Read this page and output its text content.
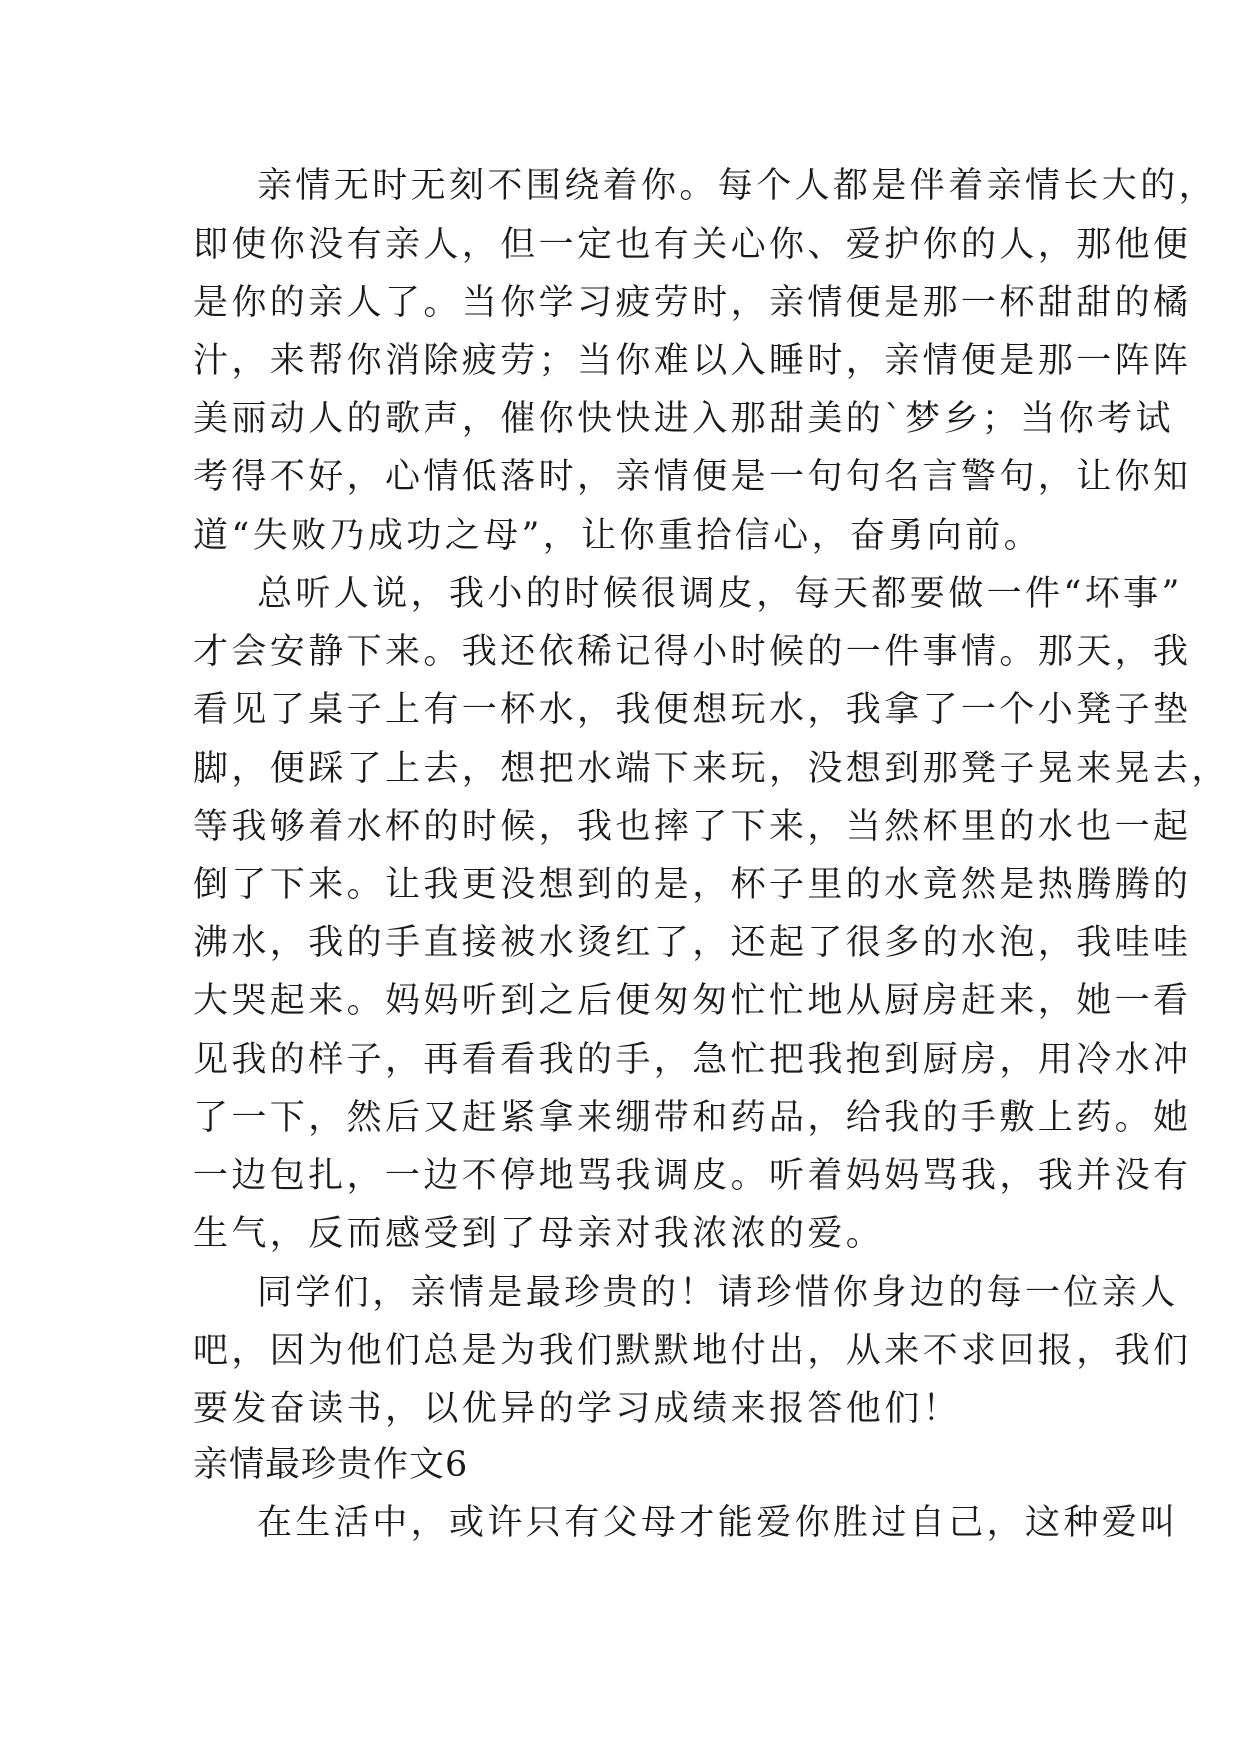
亲情无时无刻不围绕着你。每个人都是伴着亲情长大的，

即使你没有亲人，但一定也有关心你、爱护你的人，那他便

是你的亲人了。当你学习疲劳时，亲情便是那一杯甜甜的橘

汁，来帮你消除疲劳；当你难以入睡时，亲情便是那一阵阵

美丽动人的歌声，催你快快进入那甜美的`梦乡；当你考试

考得不好，心情低落时，亲情便是一句句名言警句，让你知

道“失败乃成功之母”，让你重拾信心，奋勇向前。

总听人说，我小的时候很调皮，每天都要做一件“坏事”

才会安静下来。我还依稀记得小时候的一件事情。那天，我

看见了桌子上有一杯水，我便想玩水，我拿了一个小凳子垫

脚，便踩了上去，想把水端下来玩，没想到那凳子晃来晃去，

等我够着水杯的时候，我也摔了下来，当然杯里的水也一起

倒了下来。让我更没想到的是，杯子里的水竟然是热腾腾的

沸水，我的手直接被水烫红了，还起了很多的水泡，我哇哇

大哭起来。妈妈听到之后便匆匆忙忙地从厨房赶来，她一看

见我的样子，再看看我的手，急忙把我抱到厨房，用冷水冲

了一下，然后又赶紧拿来绷带和药品，给我的手敷上药。她

一边包扎，一边不停地骂我调皮。听着妈妈骂我，我并没有

生气，反而感受到了母亲对我浓浓的爱。

同学们，亲情是最珍贵的！请珍惜你身边的每一位亲人

吧，因为他们总是为我们默默地付出，从来不求回报，我们

要发奋读书，以优异的学习成绩来报答他们！

亲情最珍贵作文6

在生活中，或许只有父母才能爱你胜过自己，这种爱叫
